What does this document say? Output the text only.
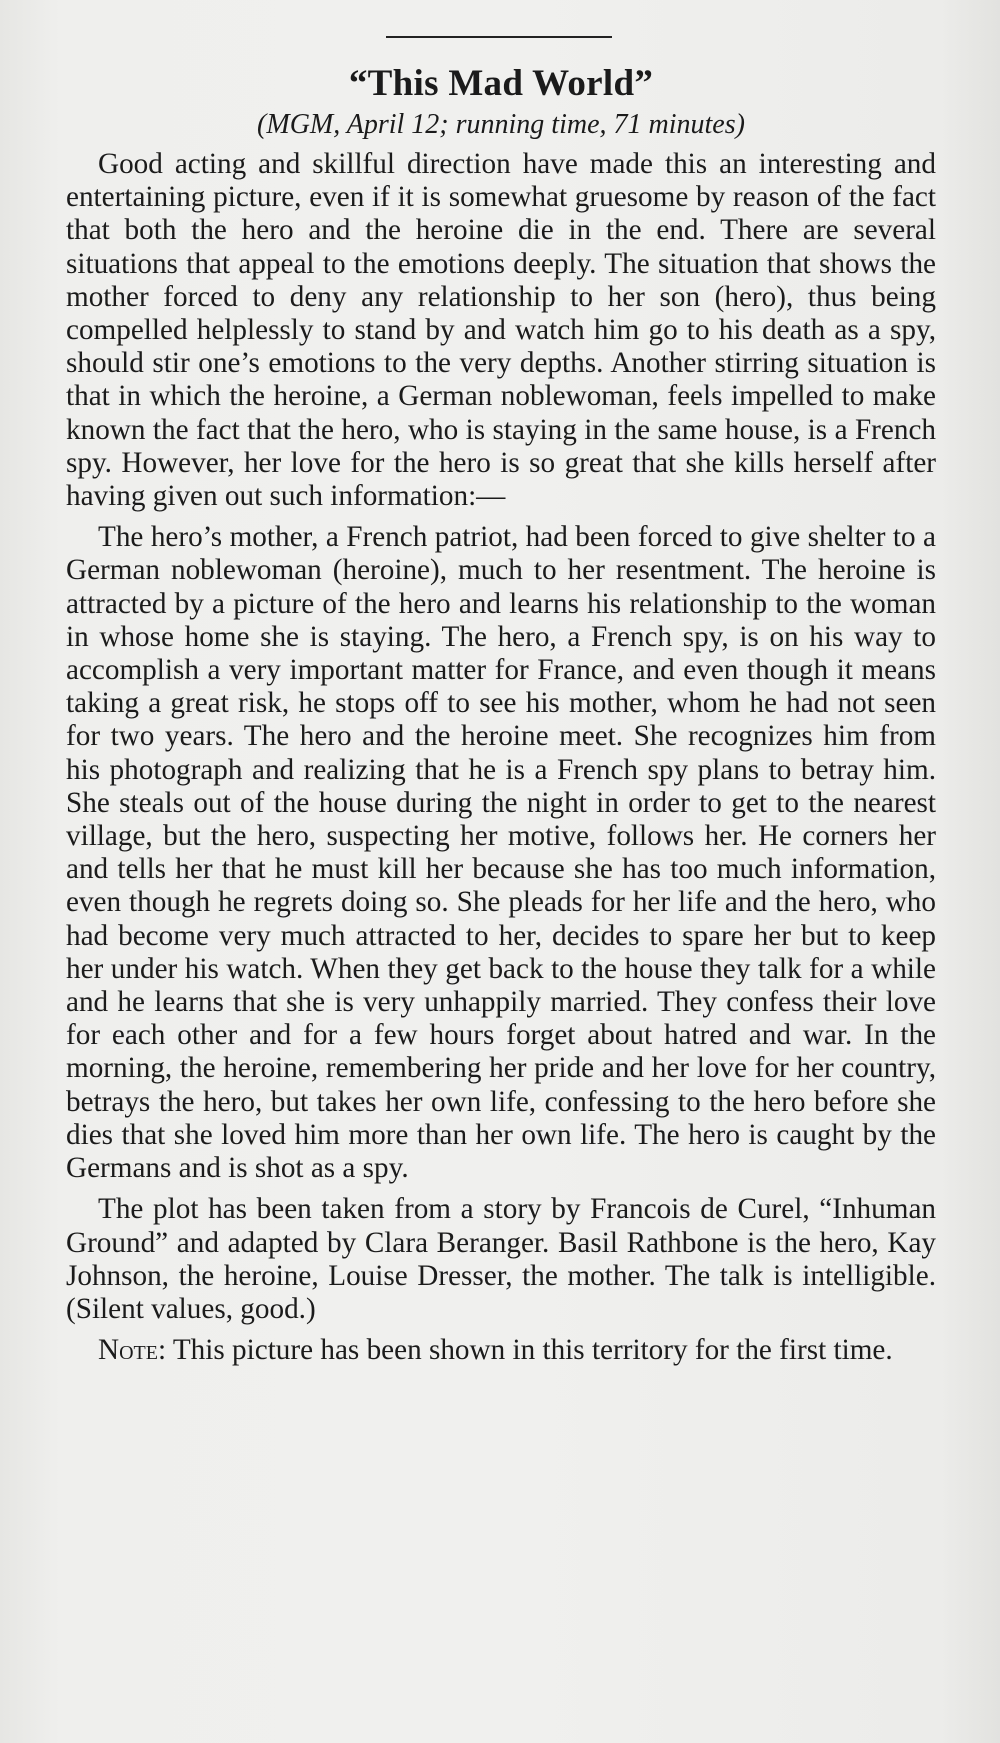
“This Mad World”
(MGM, April 12; running time, 71 minutes)

Good acting and skillful direction have made this an interesting and entertaining picture, even if it is somewhat gruesome by reason of the fact that both the hero and the heroine die in the end. There are several situations that appeal to the emotions deeply. The situation that shows the mother forced to deny any relationship to her son (hero), thus being compelled helplessly to stand by and watch him go to his death as a spy, should stir one’s emotions to the very depths. Another stirring situation is that in which the heroine, a German noblewoman, feels impelled to make known the fact that the hero, who is staying in the same house, is a French spy. However, her love for the hero is so great that she kills herself after having given out such information:—

The hero’s mother, a French patriot, had been forced to give shelter to a German noblewoman (heroine), much to her resentment. The heroine is attracted by a picture of the hero and learns his relationship to the woman in whose home she is staying. The hero, a French spy, is on his way to accomplish a very important matter for France, and even though it means taking a great risk, he stops off to see his mother, whom he had not seen for two years. The hero and the heroine meet. She recognizes him from his photograph and realizing that he is a French spy plans to betray him. She steals out of the house during the night in order to get to the nearest village, but the hero, suspecting her motive, follows her. He corners her and tells her that he must kill her because she has too much information, even though he regrets doing so. She pleads for her life and the hero, who had become very much attracted to her, decides to spare her but to keep her under his watch. When they get back to the house they talk for a while and he learns that she is very unhappily married. They confess their love for each other and for a few hours forget about hatred and war. In the morning, the heroine, remembering her pride and her love for her country, betrays the hero, but takes her own life, confessing to the hero before she dies that she loved him more than her own life. The hero is caught by the Germans and is shot as a spy.

The plot has been taken from a story by Francois de Curel, “Inhuman Ground” and adapted by Clara Beranger. Basil Rathbone is the hero, Kay Johnson, the heroine, Louise Dresser, the mother. The talk is intelligible. (Silent values, good.)

Note: This picture has been shown in this territory for the first time.
